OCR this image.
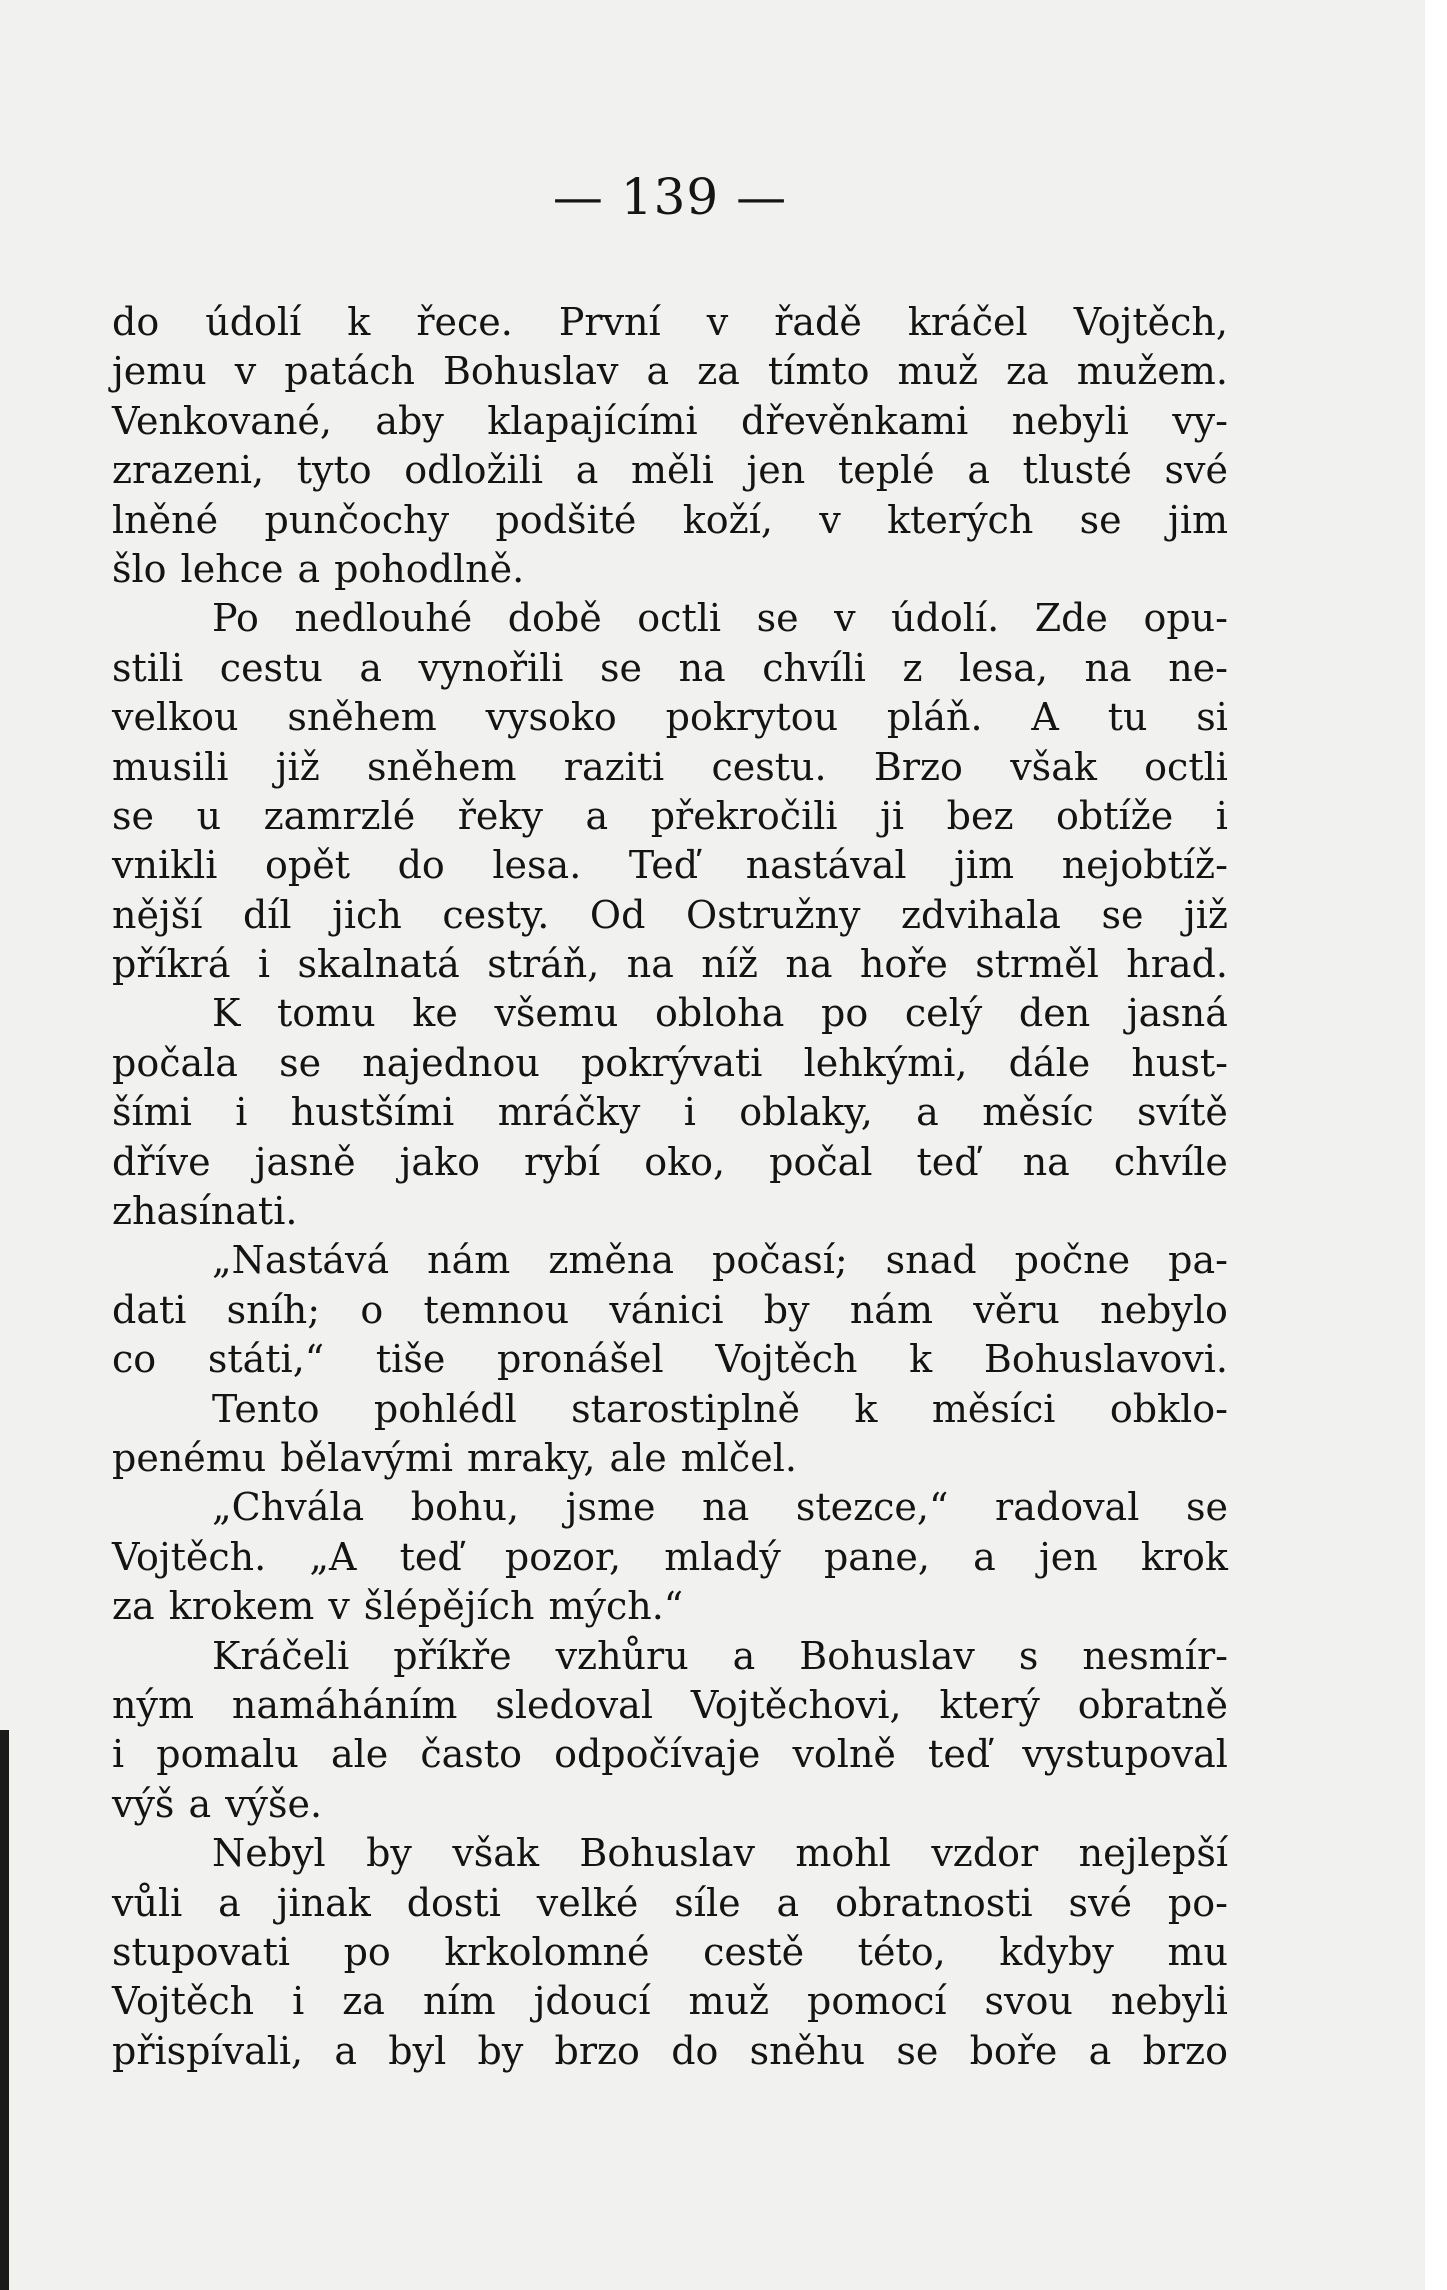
— 139 —
do údolí k řece. První v řadě kráčel Vojtěch,
jemu v patách Bohuslav a za tímto muž za mužem.
Venkované, aby klapajícími dřevěnkami nebyli vy-
zrazeni, tyto odložili a měli jen teplé a tlusté své
lněné punčochy podšité koží, v kterých se jim
šlo lehce a pohodlně.
Po nedlouhé době octli se v údolí. Zde opu-
stili cestu a vynořili se na chvíli z lesa, na ne-
velkou sněhem vysoko pokrytou pláň. A tu si
musili již sněhem raziti cestu. Brzo však octli
se u zamrzlé řeky a překročili ji bez obtíže i
vnikli opět do lesa. Teď nastával jim nejobtíž-
nější díl jich cesty. Od Ostružny zdvihala se již
příkrá i skalnatá stráň, na níž na hoře strměl hrad.
K tomu ke všemu obloha po celý den jasná
počala se najednou pokrývati lehkými, dále hust-
šími i hustšími mráčky i oblaky, a měsíc svítě
dříve jasně jako rybí oko, počal teď na chvíle
zhasínati.
„Nastává nám změna počasí; snad počne pa-
dati sníh; o temnou vánici by nám věru nebylo
co státi,“ tiše pronášel Vojtěch k Bohuslavovi.
Tento pohlédl starostiplně k měsíci obklo-
penému bělavými mraky, ale mlčel.
„Chvála bohu, jsme na stezce,“ radoval se
Vojtěch. „A teď pozor, mladý pane, a jen krok
za krokem v šlépějích mých.“
Kráčeli příkře vzhůru a Bohuslav s nesmír-
ným namáháním sledoval Vojtěchovi, který obratně
i pomalu ale často odpočívaje volně teď vystupoval
výš a výše.
Nebyl by však Bohuslav mohl vzdor nejlepší
vůli a jinak dosti velké síle a obratnosti své po-
stupovati po krkolomné cestě této, kdyby mu
Vojtěch i za ním jdoucí muž pomocí svou nebyli
přispívali, a byl by brzo do sněhu se bořе a brzo
